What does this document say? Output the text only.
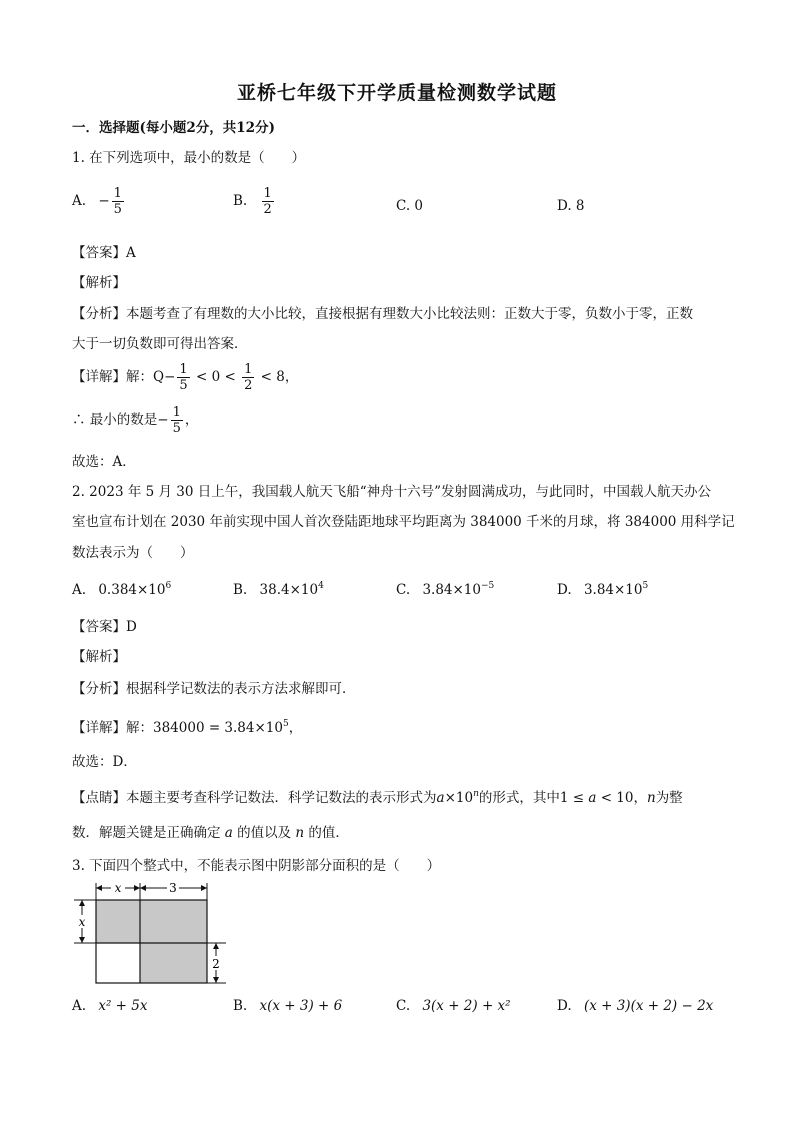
亚桥七年级下开学质量检测数学试题
一．选择题(每小题2分，共12分)
1. 在下列选项中，最小的数是（　　）
A. − $\frac{1}{5}$	B. $\frac{1}{2}$	C. 0	D. 8
【答案】A
【解析】
【分析】本题考查了有理数的大小比较，直接根据有理数大小比较法则：正数大于零，负数小于零，正数
大于一切负数即可得出答案．
【详解】解：$Q- \frac{1}{5} < 0 < \frac{1}{2} < 8$，
∴ 最小的数是− $\frac{1}{5}$ ，
故选：A．
2. 2023 年 5 月 30 日上午，我国载人航天飞船“神舟十六号”发射圆满成功，与此同时，中国载人航天办公
室也宣布计划在 2030 年前实现中国人首次登陆距地球平均距离为 384000 千米的月球，将 384000 用科学记
数法表示为（　　）
A. $0.384\times 10^6$	B. $38.4\times 10^4$	C. $3.84\times 10^{-5}$	D. $3.84\times 10^5$
【答案】D
【解析】
【分析】根据科学记数法的表示方法求解即可．
【详解】解：$384000 = 3.84\times 10^5$，
故选：D．
【点睛】本题主要考查科学记数法．科学记数法的表示形式为$a\times 10^n$的形式，其中1 ≤ a < 10，n为整
数．解题关键是正确确定 a 的值以及 n 的值．
3. 下面四个整式中，不能表示图中阴影部分面积的是（　　）
x	3
x
2
A. x² + 5x	B. x(x + 3) + 6	C. 3(x + 2) + x²	D. (x + 3)(x + 2) − 2x
